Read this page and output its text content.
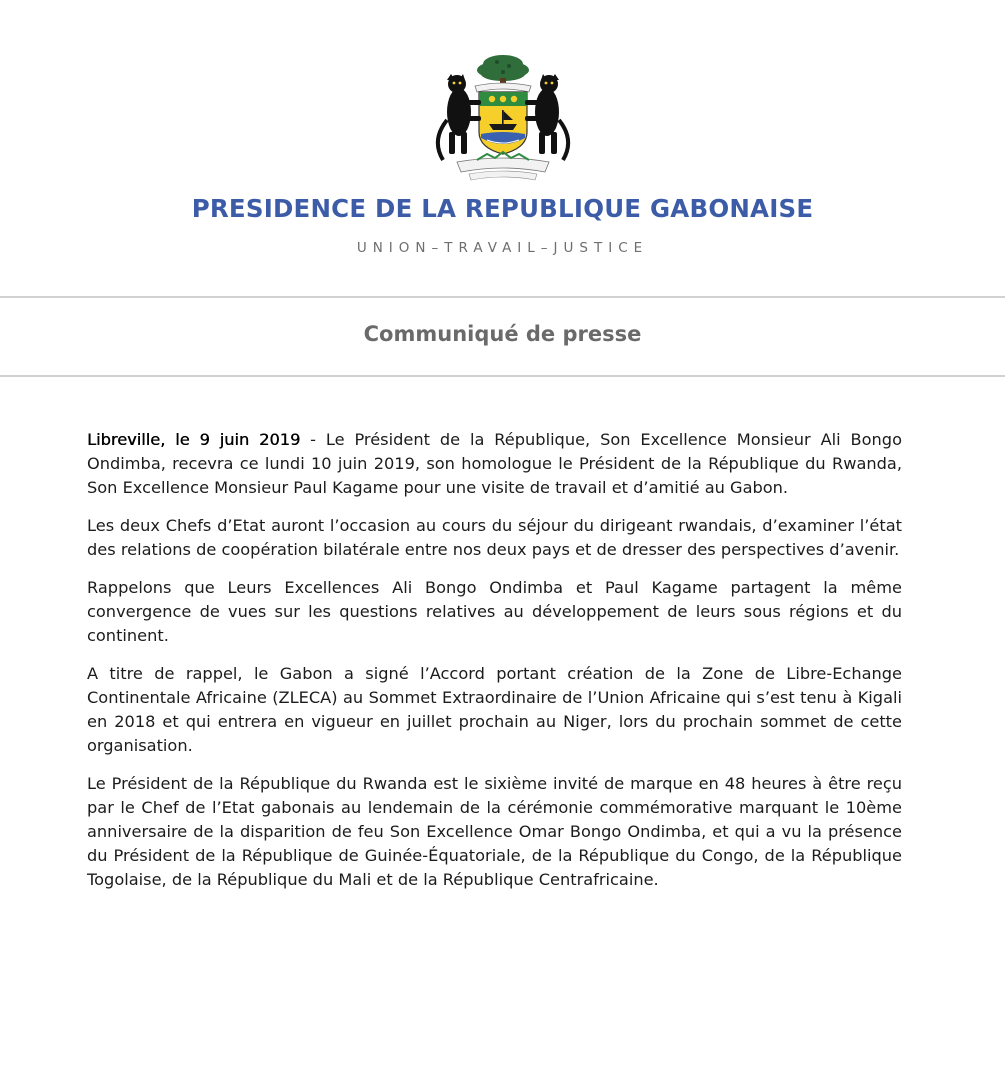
PRESIDENCE DE LA REPUBLIQUE GABONAISE
UNION–TRAVAIL–JUSTICE
Communiqué de presse

Libreville, le 9 juin 2019 - Le Président de la République, Son Excellence Monsieur Ali Bongo Ondimba, recevra ce lundi 10 juin 2019, son homologue le Président de la République du Rwanda, Son Excellence Monsieur Paul Kagame pour une visite de travail et d’amitié au Gabon.

Les deux Chefs d’Etat auront l’occasion au cours du séjour du dirigeant rwandais, d’examiner l’état des relations de coopération bilatérale entre nos deux pays et de dresser des perspectives d’avenir.

Rappelons que Leurs Excellences Ali Bongo Ondimba et Paul Kagame partagent la même convergence de vues sur les questions relatives au développement de leurs sous régions et du continent.

A titre de rappel, le Gabon a signé l’Accord portant création de la Zone de Libre-Echange Continentale Africaine (ZLECA) au Sommet Extraordinaire de l’Union Africaine qui s’est tenu à Kigali en 2018 et qui entrera en vigueur en juillet prochain au Niger, lors du prochain sommet de cette organisation.

Le Président de la République du Rwanda est le sixième invité de marque en 48 heures à être reçu par le Chef de l’Etat gabonais au lendemain de la cérémonie commémorative marquant le 10ème anniversaire de la disparition de feu Son Excellence Omar Bongo Ondimba, et qui a vu la présence du Président de la République de Guinée-Équatoriale, de la République du Congo, de la République Togolaise, de la République du Mali et de la République Centrafricaine.
